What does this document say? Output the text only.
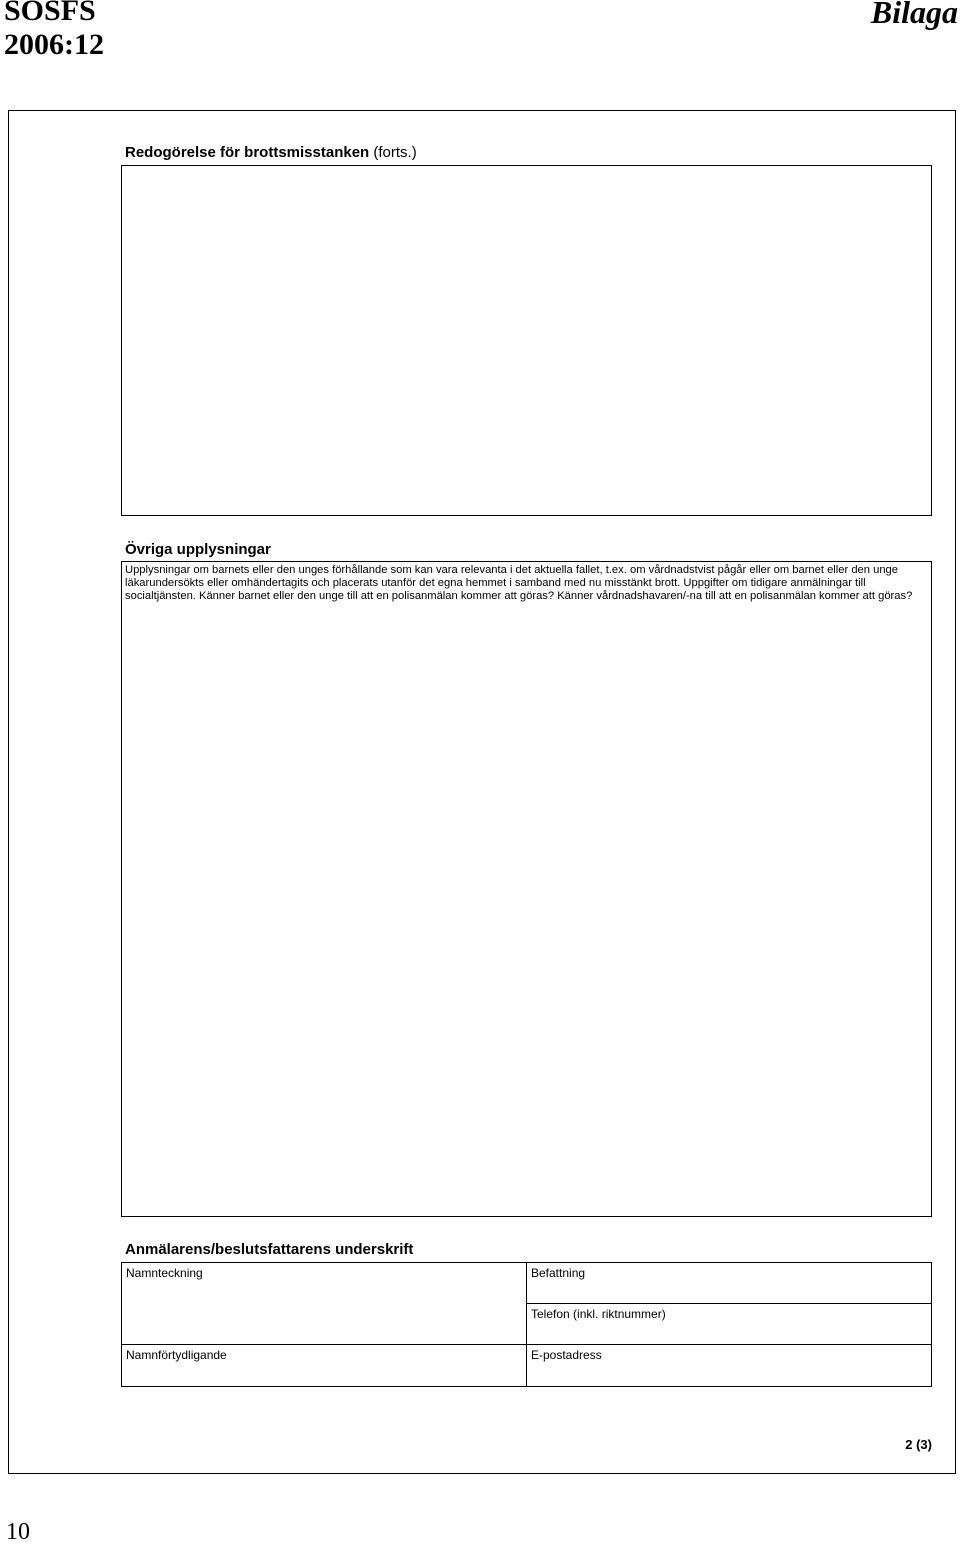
SOSFS
2006:12
Bilaga
Redogörelse för brottsmisstanken (forts.)
Övriga upplysningar
Upplysningar om barnets eller den unges förhållande som kan vara relevanta i det aktuella fallet, t.ex. om vårdnadstvist pågår eller om barnet eller den unge läkarundersökts eller omhändertagits och placerats utanför det egna hemmet i samband med nu misstänkt brott. Uppgifter om tidigare anmälningar till socialtjänsten. Känner barnet eller den unge till att en polisanmälan kommer att göras? Känner vårdnadshavaren/-na till att en polisanmälan kommer att göras?
Anmälarens/beslutsfattarens underskrift
Namnteckning	Befattning
Telefon (inkl. riktnummer)
Namnförtydligande	E-postadress
2 (3)
10
